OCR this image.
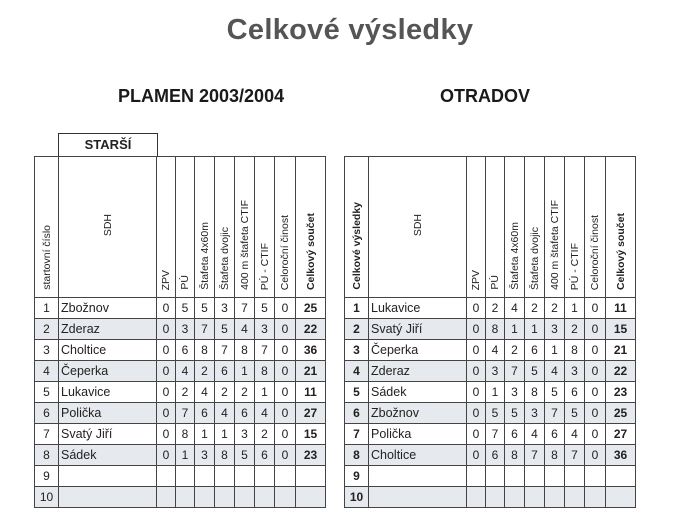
Celkové výsledky
PLAMEN 2003/2004	OTRADOV
STARŠÍ
startovní číslo	SDH	ZPV	PÚ	Štafeta 4x60m	Štafeta dvojic	400 m štafeta CTIF	PÚ - CTIF	Celoroční činost	Celkový součet
1	Zbožnov	0	5	5	3	7	5	0	25
2	Zderaz	0	3	7	5	4	3	0	22
3	Choltice	0	6	8	7	8	7	0	36
4	Čeperka	0	4	2	6	1	8	0	21
5	Lukavice	0	2	4	2	2	1	0	11
6	Polička	0	7	6	4	6	4	0	27
7	Svatý Jiří	0	8	1	1	3	2	0	15
8	Sádek	0	1	3	8	5	6	0	23
9									
10									
Celkové výsledky	SDH	ZPV	PÚ	Štafeta 4x60m	Štafeta dvojic	400 m štafeta CTIF	PÚ - CTIF	Celoroční činost	Celkový součet
1	Lukavice	0	2	4	2	2	1	0	11
2	Svatý Jiří	0	8	1	1	3	2	0	15
3	Čeperka	0	4	2	6	1	8	0	21
4	Zderaz	0	3	7	5	4	3	0	22
5	Sádek	0	1	3	8	5	6	0	23
6	Zbožnov	0	5	5	3	7	5	0	25
7	Polička	0	7	6	4	6	4	0	27
8	Choltice	0	6	8	7	8	7	0	36
9									
10									
